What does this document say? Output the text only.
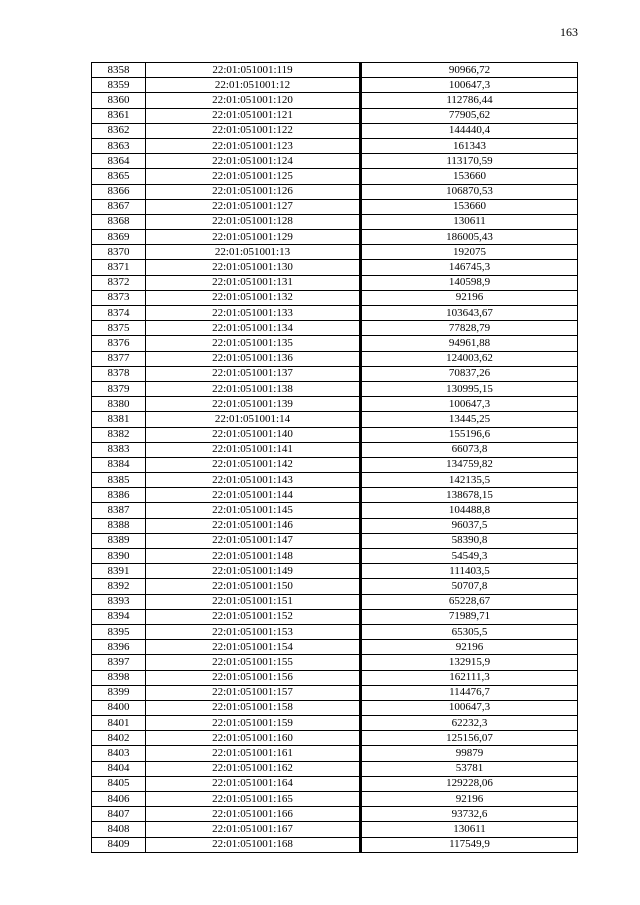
163
8358	22:01:051001:119	90966,72
8359	22:01:051001:12	100647,3
8360	22:01:051001:120	112786,44
8361	22:01:051001:121	77905,62
8362	22:01:051001:122	144440,4
8363	22:01:051001:123	161343
8364	22:01:051001:124	113170,59
8365	22:01:051001:125	153660
8366	22:01:051001:126	106870,53
8367	22:01:051001:127	153660
8368	22:01:051001:128	130611
8369	22:01:051001:129	186005,43
8370	22:01:051001:13	192075
8371	22:01:051001:130	146745,3
8372	22:01:051001:131	140598,9
8373	22:01:051001:132	92196
8374	22:01:051001:133	103643,67
8375	22:01:051001:134	77828,79
8376	22:01:051001:135	94961,88
8377	22:01:051001:136	124003,62
8378	22:01:051001:137	70837,26
8379	22:01:051001:138	130995,15
8380	22:01:051001:139	100647,3
8381	22:01:051001:14	13445,25
8382	22:01:051001:140	155196,6
8383	22:01:051001:141	66073,8
8384	22:01:051001:142	134759,82
8385	22:01:051001:143	142135,5
8386	22:01:051001:144	138678,15
8387	22:01:051001:145	104488,8
8388	22:01:051001:146	96037,5
8389	22:01:051001:147	58390,8
8390	22:01:051001:148	54549,3
8391	22:01:051001:149	111403,5
8392	22:01:051001:150	50707,8
8393	22:01:051001:151	65228,67
8394	22:01:051001:152	71989,71
8395	22:01:051001:153	65305,5
8396	22:01:051001:154	92196
8397	22:01:051001:155	132915,9
8398	22:01:051001:156	162111,3
8399	22:01:051001:157	114476,7
8400	22:01:051001:158	100647,3
8401	22:01:051001:159	62232,3
8402	22:01:051001:160	125156,07
8403	22:01:051001:161	99879
8404	22:01:051001:162	53781
8405	22:01:051001:164	129228,06
8406	22:01:051001:165	92196
8407	22:01:051001:166	93732,6
8408	22:01:051001:167	130611
8409	22:01:051001:168	117549,9
